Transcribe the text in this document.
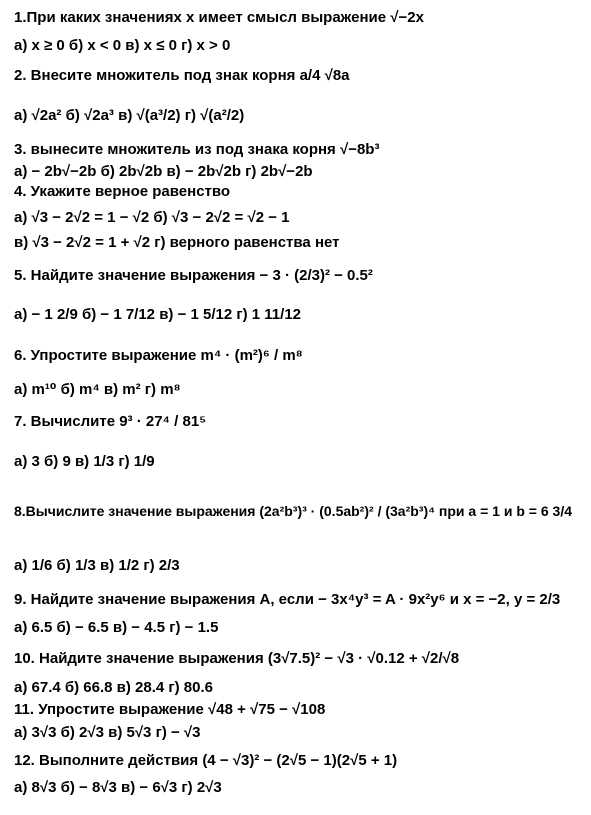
1.При каких значениях x имеет смысл выражение √−2x
а) x ≥ 0 б) x < 0 в) x ≤ 0 г) x > 0
2. Внесите множитель под знак корня a/4 √8a
а) √2a² б) √2a³ в) √(a³/2) г) √(a²/2)
3. вынесите множитель из под знака корня √−8b³
а) − 2b√−2b б) 2b√2b в) − 2b√2b г) 2b√−2b
4. Укажите верное равенство
а) √3 − 2√2 = 1 − √2 б) √3 − 2√2 = √2 − 1
в) √3 − 2√2 = 1 + √2 г) верного равенства нет
5. Найдите значение выражения − 3 · (2/3)² − 0.5²
а) − 1 2/9 б) − 1 7/12 в) − 1 5/12 г) 1 11/12
6. Упростите выражение m⁴ · (m²)⁶ / m⁸
а) m¹⁰ б) m⁴ в) m² г) m⁸
7. Вычислите 9³ · 27⁴ / 81⁵
а) 3 б) 9 в) 1/3 г) 1/9
8.Вычислите значение выражения (2a²b³)³ · (0.5ab²)² / (3a²b³)⁴ при a = 1 и b = 6 3/4
а) 1/6 б) 1/3 в) 1/2 г) 2/3
9. Найдите значение выражения А, если − 3x⁴y³ = A · 9x²y⁶ и x = −2, y = 2/3
а) 6.5 б) − 6.5 в) − 4.5 г) − 1.5
10. Найдите значение выражения (3√7.5)² − √3 · √0.12 + √2/√8
а) 67.4 б) 66.8 в) 28.4 г) 80.6
11. Упростите выражение √48 + √75 − √108
а) 3√3 б) 2√3 в) 5√3 г) − √3
12. Выполните действия (4 − √3)² − (2√5 − 1)(2√5 + 1)
а) 8√3 б) − 8√3 в) − 6√3 г) 2√3
